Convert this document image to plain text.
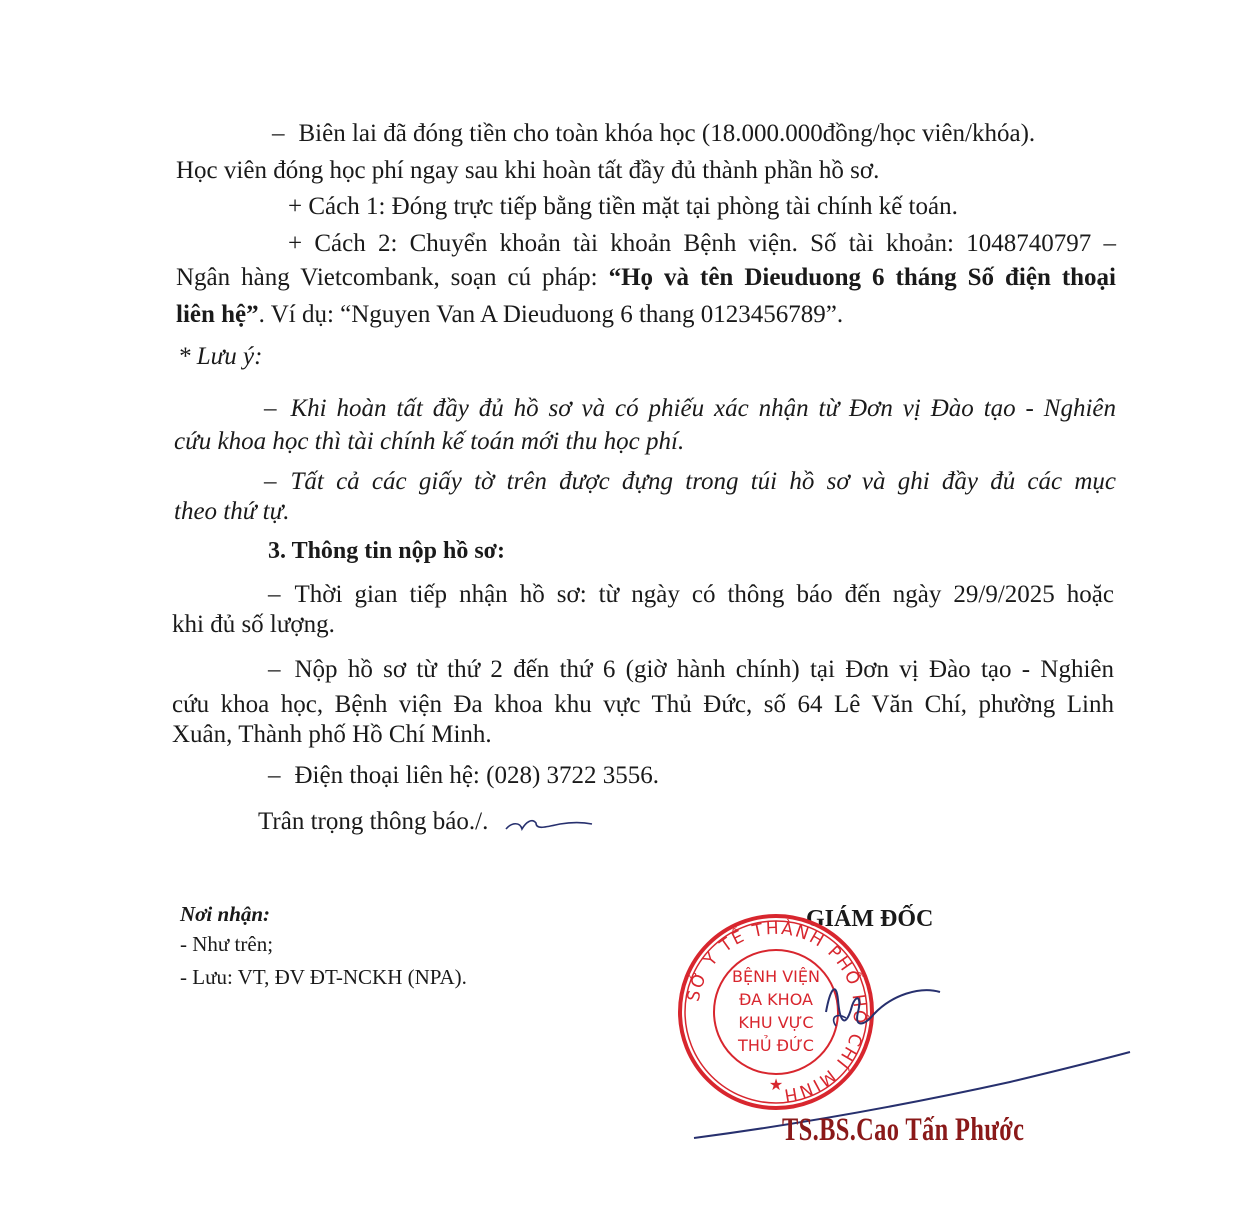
– Biên lai đã đóng tiền cho toàn khóa học (18.000.000đồng/học viên/khóa).
Học viên đóng học phí ngay sau khi hoàn tất đầy đủ thành phần hồ sơ.
+ Cách 1: Đóng trực tiếp bằng tiền mặt tại phòng tài chính kế toán.
+ Cách 2: Chuyển khoản tài khoản Bệnh viện. Số tài khoản: 1048740797 –
Ngân hàng Vietcombank, soạn cú pháp: “Họ và tên Dieuduong 6 tháng Số điện thoại
liên hệ”. Ví dụ: “Nguyen Van A Dieuduong 6 thang 0123456789”.
* Lưu ý:
– Khi hoàn tất đầy đủ hồ sơ và có phiếu xác nhận từ Đơn vị Đào tạo - Nghiên
cứu khoa học thì tài chính kế toán mới thu học phí.
– Tất cả các giấy tờ trên được đựng trong túi hồ sơ và ghi đầy đủ các mục
theo thứ tự.
3. Thông tin nộp hồ sơ:
– Thời gian tiếp nhận hồ sơ: từ ngày có thông báo đến ngày 29/9/2025 hoặc
khi đủ số lượng.
– Nộp hồ sơ từ thứ 2 đến thứ 6 (giờ hành chính) tại Đơn vị Đào tạo - Nghiên
cứu khoa học, Bệnh viện Đa khoa khu vực Thủ Đức, số 64 Lê Văn Chí, phường Linh
Xuân, Thành phố Hồ Chí Minh.
– Điện thoại liên hệ: (028) 3722 3556.
Trân trọng thông báo./.
Nơi nhận:
- Như trên;
- Lưu: VT, ĐV ĐT-NCKH (NPA).
GIÁM ĐỐC
SỞ Y TẾ THÀNH PHỐ HỒ CHÍ MINH
BỆNH VIỆN
ĐA KHOA
KHU VỰC
THỦ ĐỨC
★
TS.BS.Cao Tấn Phước
